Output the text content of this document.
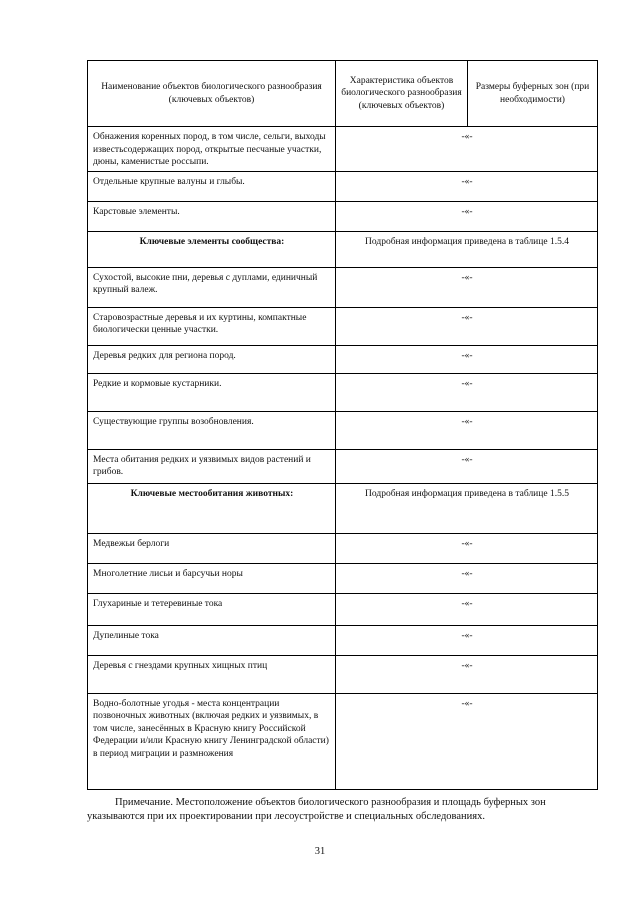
Наименование объектов биологического разнообразия (ключевых объектов)	Характеристика объектов биологического разнообразия (ключевых объектов)	Размеры буферных зон (при необходимости)
Обнажения коренных пород, в том числе, сельги, выходы известьсодержащих пород, открытые песчаные участки, дюны, каменистые россыпи.	-«-	
Отдельные крупные валуны и глыбы.	-«-	
Карстовые элементы.	-«-	
Ключевые элементы сообщества:	Подробная информация приведена в таблице 1.5.4	
Сухостой, высокие пни, деревья с дуплами, единичный крупный валеж.	-«-	
Старовозрастные деревья и их куртины, компактные биологически ценные участки.	-«-	
Деревья редких для региона пород.	-«-	
Редкие и кормовые кустарники.	-«-	
Существующие группы возобновления.	-«-	
Места обитания редких и уязвимых видов растений и грибов.	-«-	
Ключевые местообитания животных:	Подробная информация приведена в таблице 1.5.5	
Медвежьи берлоги	-«-	
Многолетние лисьи и барсучьи норы	-«-	
Глухариные и тетеревиные тока	-«-	
Дупелиные тока	-«-	
Деревья с гнездами крупных хищных птиц	-«-	
Водно-болотные угодья - места концентрации позвоночных животных (включая редких и уязвимых, в том числе, занесённых в Красную книгу Российской Федерации и/или Красную книгу Ленинградской области) в период миграции и размножения	-«-	
Примечание. Местоположение объектов биологического разнообразия и площадь буферных зон указываются при их проектировании при лесоустройстве и специальных обследованиях.
31
